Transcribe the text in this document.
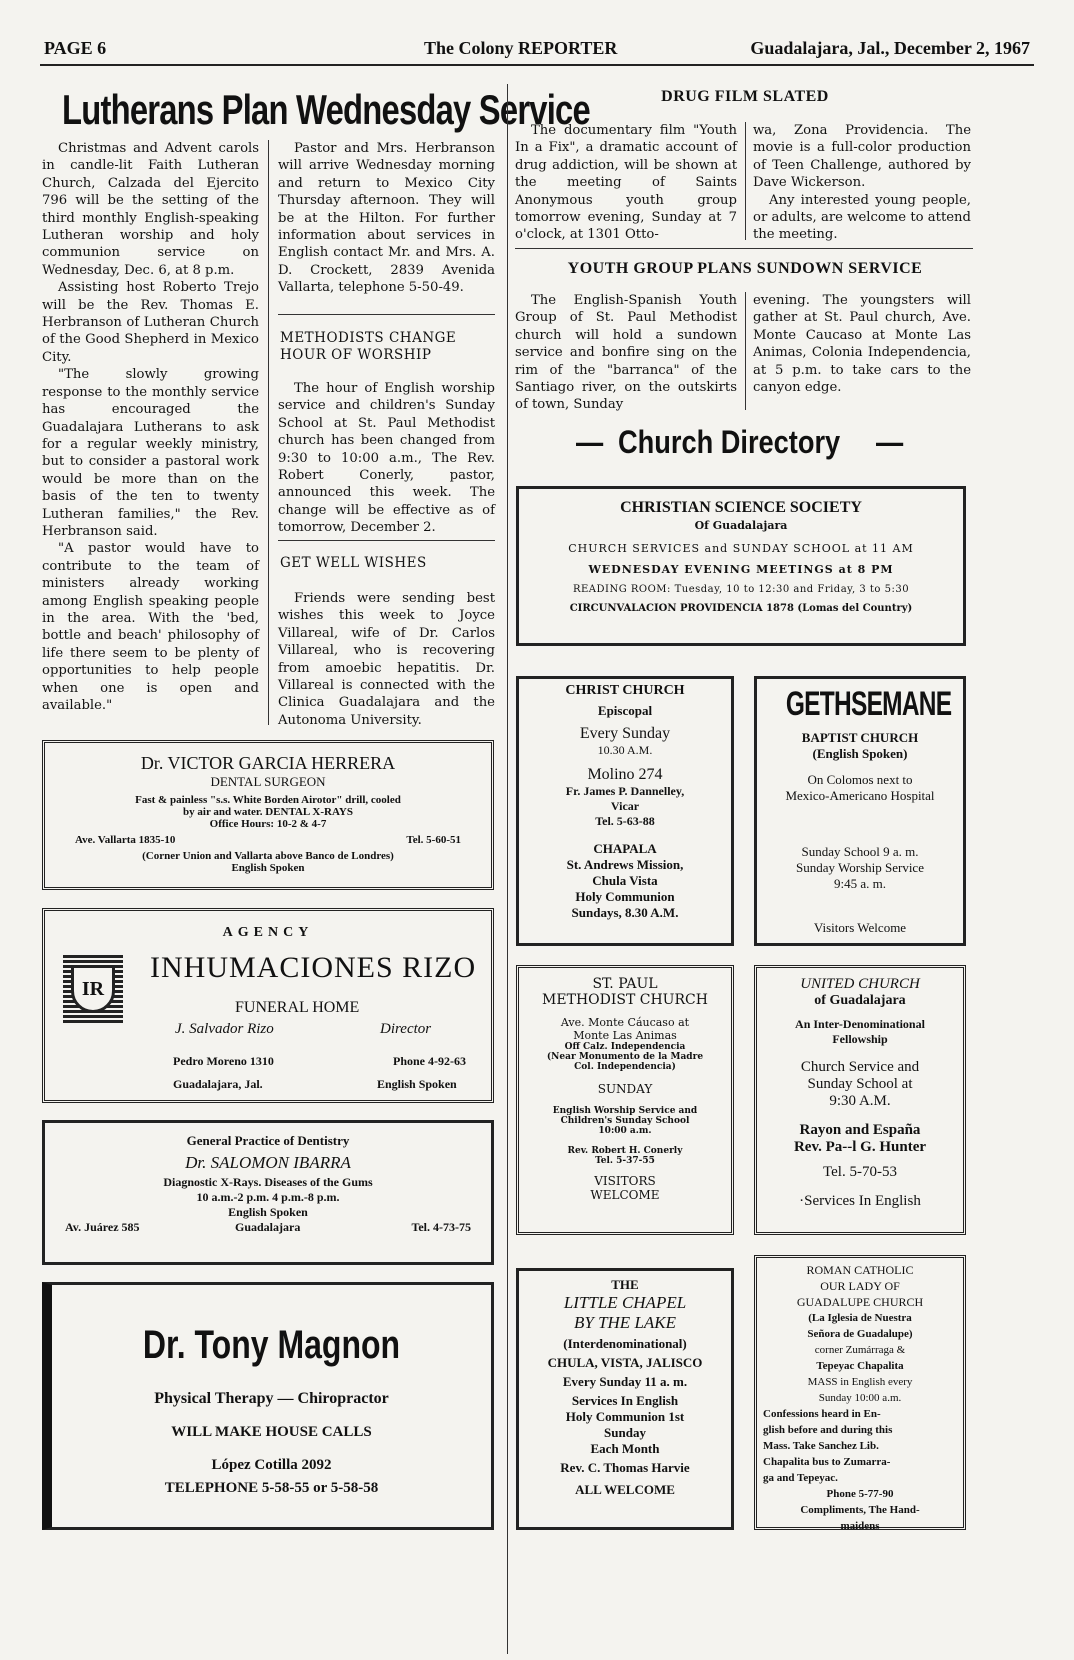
PAGE 6	The Colony REPORTER	Guadalajara, Jal., December 2, 1967
Lutherans Plan Wednesday Service

Christmas and Advent carols in candle-lit Faith Lutheran Church, Calzada del Ejercito 796 will be the setting of the third monthly English-speaking Lutheran worship and holy communion service on Wednesday, Dec. 6, at 8 p.m.

Assisting host Roberto Trejo will be the Rev. Thomas E. Herbranson of Lutheran Church of the Good Shepherd in Mexico City.

"The slowly growing response to the monthly service has encouraged the Guadalajara Lutherans to ask for a regular weekly ministry, but to consider a pastoral work would be more than on the basis of the ten to twenty Lutheran families," the Rev. Herbranson said.

"A pastor would have to contribute to the team of ministers already working among English speaking people in the area. With the 'bed, bottle and beach' philosophy of life there seem to be plenty of opportunities to help people when one is open and available."

Pastor and Mrs. Herbranson will arrive Wednesday morning and return to Mexico City Thursday afternoon. They will be at the Hilton. For further information about services in English contact Mr. and Mrs. A. D. Crockett, 2839 Avenida Vallarta, telephone 5-50-49.

METHODISTS CHANGE HOUR OF WORSHIP

The hour of English worship service and children's Sunday School at St. Paul Methodist church has been changed from 9:30 to 10:00 a.m., The Rev. Robert Conerly, pastor, announced this week. The change will be effective as of tomorrow, December 2.

GET WELL WISHES

Friends were sending best wishes this week to Joyce Villareal, wife of Dr. Carlos Villareal, who is recovering from amoebic hepatitis. Dr. Villareal is connected with the Clinica Guadalajara and the Autonoma University.

DRUG FILM SLATED

The documentary film "Youth In a Fix", a dramatic account of drug addiction, will be shown at the meeting of Saints Anonymous youth group tomorrow evening, Sunday at 7 o'clock, at 1301 Otto-

wa, Zona Providencia. The movie is a full-color production of Teen Challenge, authored by Dave Wickerson.

Any interested young people, or adults, are welcome to attend the meeting.

YOUTH GROUP PLANS SUNDOWN SERVICE

The English-Spanish Youth Group of St. Paul Methodist church will hold a sundown service and bonfire sing on the rim of the "barranca" of the Santiago river, on the outskirts of town, Sunday

evening. The youngsters will gather at St. Paul church, Ave. Monte Caucaso at Monte Las Animas, Colonia Independencia, at 5 p.m. to take cars to the canyon edge.

— Church Directory —
CHRISTIAN SCIENCE SOCIETY
Of Guadalajara
CHURCH SERVICES and SUNDAY SCHOOL at 11 AM
WEDNESDAY EVENING MEETINGS at 8 PM
READING ROOM: Tuesday, 10 to 12:30 and Friday, 3 to 5:30
CIRCUNVALACION PROVIDENCIA 1878 (Lomas del Country)
CHRIST CHURCH
Episcopal
Every Sunday
10.30 A.M.
Molino 274
Fr. James P. Dannelley,
Vicar
Tel. 5-63-88
CHAPALA
St. Andrews Mission,
Chula Vista
Holy Communion
Sundays, 8.30 A.M.
GETHSEMANE
BAPTIST CHURCH
(English Spoken)
On Colomos next to
Mexico-Americano Hospital
Sunday School 9 a. m.
Sunday Worship Service
9:45 a. m.
Visitors Welcome
ST. PAUL
METHODIST CHURCH
Ave. Monte Cáucaso at
Monte Las Animas
Off Calz. Independencia
(Near Monumento de la Madre
Col. Independencia)
SUNDAY
English Worship Service and
Children's Sunday School
10:00 a.m.
Rev. Robert H. Conerly
Tel. 5-37-55
VISITORS
WELCOME
UNITED CHURCH
of Guadalajara
An Inter-Denominational
Fellowship
Church Service and
Sunday School at
9:30 A.M.
Rayon and España
Rev. Pa--l G. Hunter
Tel. 5-70-53
·Services In English
THE
LITTLE CHAPEL
BY THE LAKE
(Interdenominational)
CHULA, VISTA, JALISCO
Every Sunday 11 a. m.
Services In English
Holy Communion 1st
Sunday
Each Month
Rev. C. Thomas Harvie
ALL WELCOME
ROMAN CATHOLIC
OUR LADY OF
GUADALUPE CHURCH
(La Iglesia de Nuestra
Señora de Guadalupe)
corner Zumárraga &
Tepeyac Chapalita
MASS in English every
Sunday 10:00 a.m.
Confessions heard in En-
glish before and during this
Mass. Take Sanchez Lib.
Chapalita bus to Zumarra-
ga and Tepeyac.
Phone 5-77-90
Compliments, The Hand-
maidens
Dr. VICTOR GARCIA HERRERA
DENTAL SURGEON
Fast & painless "s.s. White Borden Airotor" drill, cooled
by air and water. DENTAL X-RAYS
Office Hours: 10-2 & 4-7
Ave. Vallarta 1835-10	Tel. 5-60-51
(Corner Union and Vallarta above Banco de Londres)
English Spoken
AGENCY
IR
INHUMACIONES RIZO
FUNERAL HOME
J. Salvador Rizo	Director
Pedro Moreno 1310	Phone 4-92-63
Guadalajara, Jal.	English Spoken
General Practice of Dentistry
Dr. SALOMON IBARRA
Diagnostic X-Rays. Diseases of the Gums
10 a.m.-2 p.m. 4 p.m.-8 p.m.
English Spoken
Av. Juárez 585	Guadalajara	Tel. 4-73-75
Dr. Tony Magnon
Physical Therapy — Chiropractor
WILL MAKE HOUSE CALLS
López Cotilla 2092
TELEPHONE 5-58-55 or 5-58-58
